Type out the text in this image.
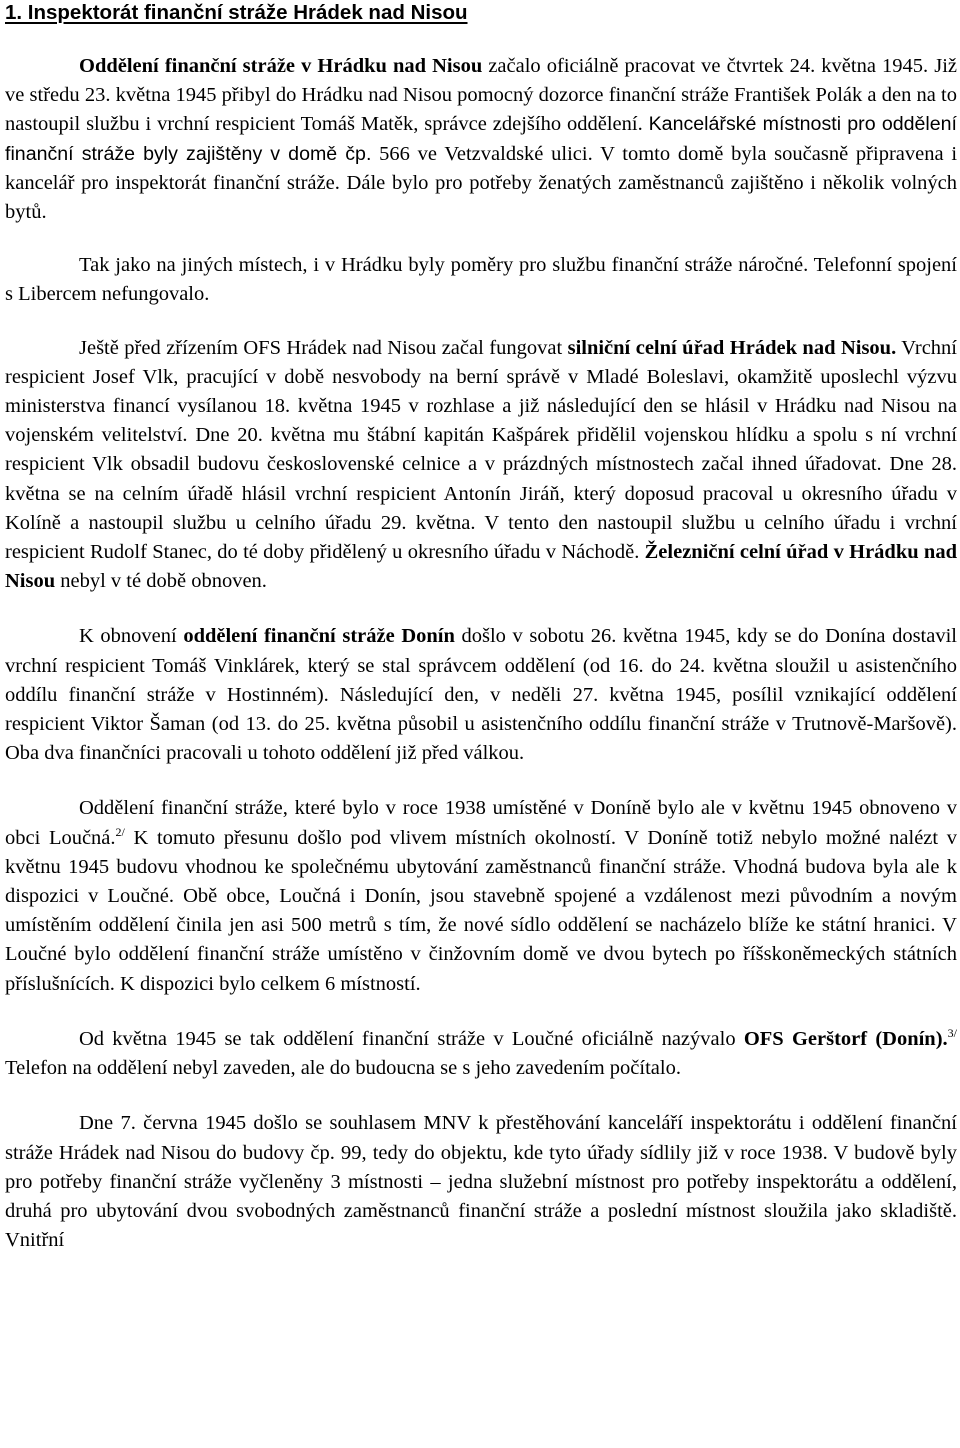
1. Inspektorát finanční stráže Hrádek nad Nisou

Oddělení finanční stráže v Hrádku nad Nisou začalo oficiálně pracovat ve čtvrtek 24. května 1945. Již ve středu 23. května 1945 přibyl do Hrádku nad Nisou pomocný dozorce finanční stráže František Polák a den na to nastoupil službu i vrchní respicient Tomáš Matěk, správce zdejšího oddělení. Kancelářské místnosti pro oddělení finanční stráže byly zajištěny v domě čp. 566 ve Vetzvaldské ulici. V tomto domě byla současně připravena i kancelář pro inspektorát finanční stráže. Dále bylo pro potřeby ženatých zaměstnanců zajištěno i několik volných bytů.

Tak jako na jiných místech, i v Hrádku byly poměry pro službu finanční stráže náročné. Telefonní spojení s Libercem nefungovalo.

Ještě před zřízením OFS Hrádek nad Nisou začal fungovat silniční celní úřad Hrádek nad Nisou. Vrchní respicient Josef Vlk, pracující v době nesvobody na berní správě v Mladé Boleslavi, okamžitě uposlechl výzvu ministerstva financí vysílanou 18. května 1945 v rozhlase a již následující den se hlásil v Hrádku nad Nisou na vojenském velitelství. Dne 20. května mu štábní kapitán Kašpárek přidělil vojenskou hlídku a spolu s ní vrchní respicient Vlk obsadil budovu československé celnice a v prázdných místnostech začal ihned úřadovat. Dne 28. května se na celním úřadě hlásil vrchní respicient Antonín Jiráň, který doposud pracoval u okresního úřadu v Kolíně a nastoupil službu u celního úřadu 29. května. V tento den nastoupil službu u celního úřadu i vrchní respicient Rudolf Stanec, do té doby přidělený u okresního úřadu v Náchodě. Železniční celní úřad v Hrádku nad Nisou nebyl v té době obnoven.

K obnovení oddělení finanční stráže Donín došlo v sobotu 26. května 1945, kdy se do Donína dostavil vrchní respicient Tomáš Vinklárek, který se stal správcem oddělení (od 16. do 24. května sloužil u asistenčního oddílu finanční stráže v Hostinném). Následující den, v neděli 27. května 1945, posílil vznikající oddělení respicient Viktor Šaman (od 13. do 25. května působil u asistenčního oddílu finanční stráže v Trutnově-Maršově). Oba dva finančníci pracovali u tohoto oddělení již před válkou.

Oddělení finanční stráže, které bylo v roce 1938 umístěné v Doníně bylo ale v květnu 1945 obnoveno v obci Loučná.$^{2/}$ K tomuto přesunu došlo pod vlivem místních okolností. V Doníně totiž nebylo možné nalézt v květnu 1945 budovu vhodnou ke společnému ubytování zaměstnanců finanční stráže. Vhodná budova byla ale k dispozici v Loučné. Obě obce, Loučná i Donín, jsou stavebně spojené a vzdálenost mezi původním a novým umístěním oddělení činila jen asi 500 metrů s tím, že nové sídlo oddělení se nacházelo blíže ke státní hranici. V Loučné bylo oddělení finanční stráže umístěno v činžovním domě ve dvou bytech po říšskoněmeckých státních příslušnících. K dispozici bylo celkem 6 místností.

Od května 1945 se tak oddělení finanční stráže v Loučné oficiálně nazývalo OFS Gerštorf (Donín).$^{3/}$ Telefon na oddělení nebyl zaveden, ale do budoucna se s jeho zavedením počítalo.

Dne 7. června 1945 došlo se souhlasem MNV k přestěhování kanceláří inspektorátu i oddělení finanční stráže Hrádek nad Nisou do budovy čp. 99, tedy do objektu, kde tyto úřady sídlily již v roce 1938. V budově byly pro potřeby finanční stráže vyčleněny 3 místnosti – jedna služební místnost pro potřeby inspektorátu a oddělení, druhá pro ubytování dvou svobodných zaměstnanců finanční stráže a poslední místnost sloužila jako skladiště. Vnitřní
